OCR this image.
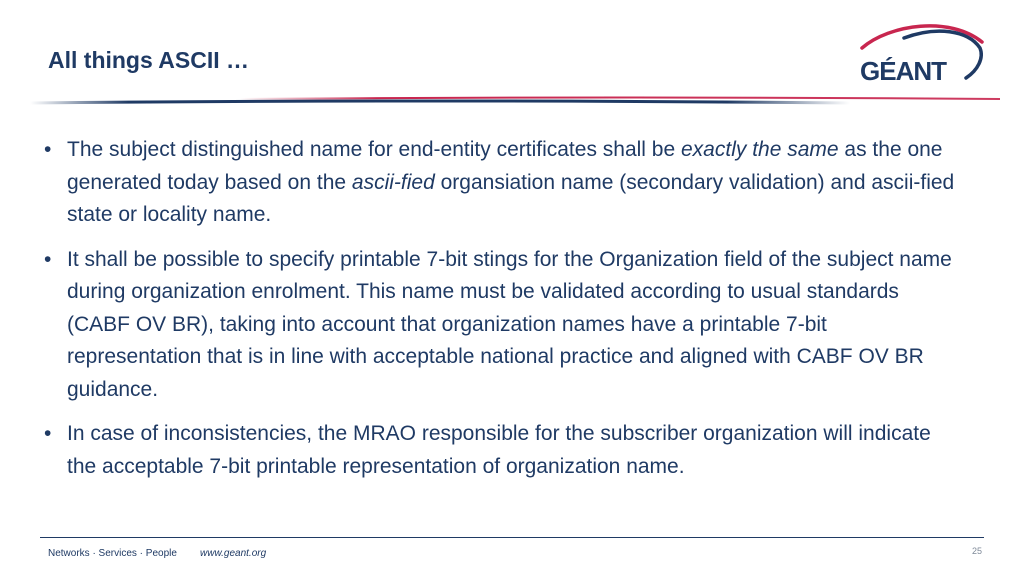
All things ASCII …	GÉANT
• The subject distinguished name for end-entity certificates shall be exactly the same as the one generated today based on the ascii-fied organsiation name (secondary validation) and ascii-fied state or locality name.
• It shall be possible to specify printable 7-bit stings for the Organization field of the subject name during organization enrolment. This name must be validated according to usual standards (CABF OV BR), taking into account that organization names have a printable 7-bit representation that is in line with acceptable national practice and aligned with CABF OV BR guidance.
• In case of inconsistencies, the MRAO responsible for the subscriber organization will indicate the acceptable 7-bit printable representation of organization name.
Networks · Services · People www.geant.org	25
